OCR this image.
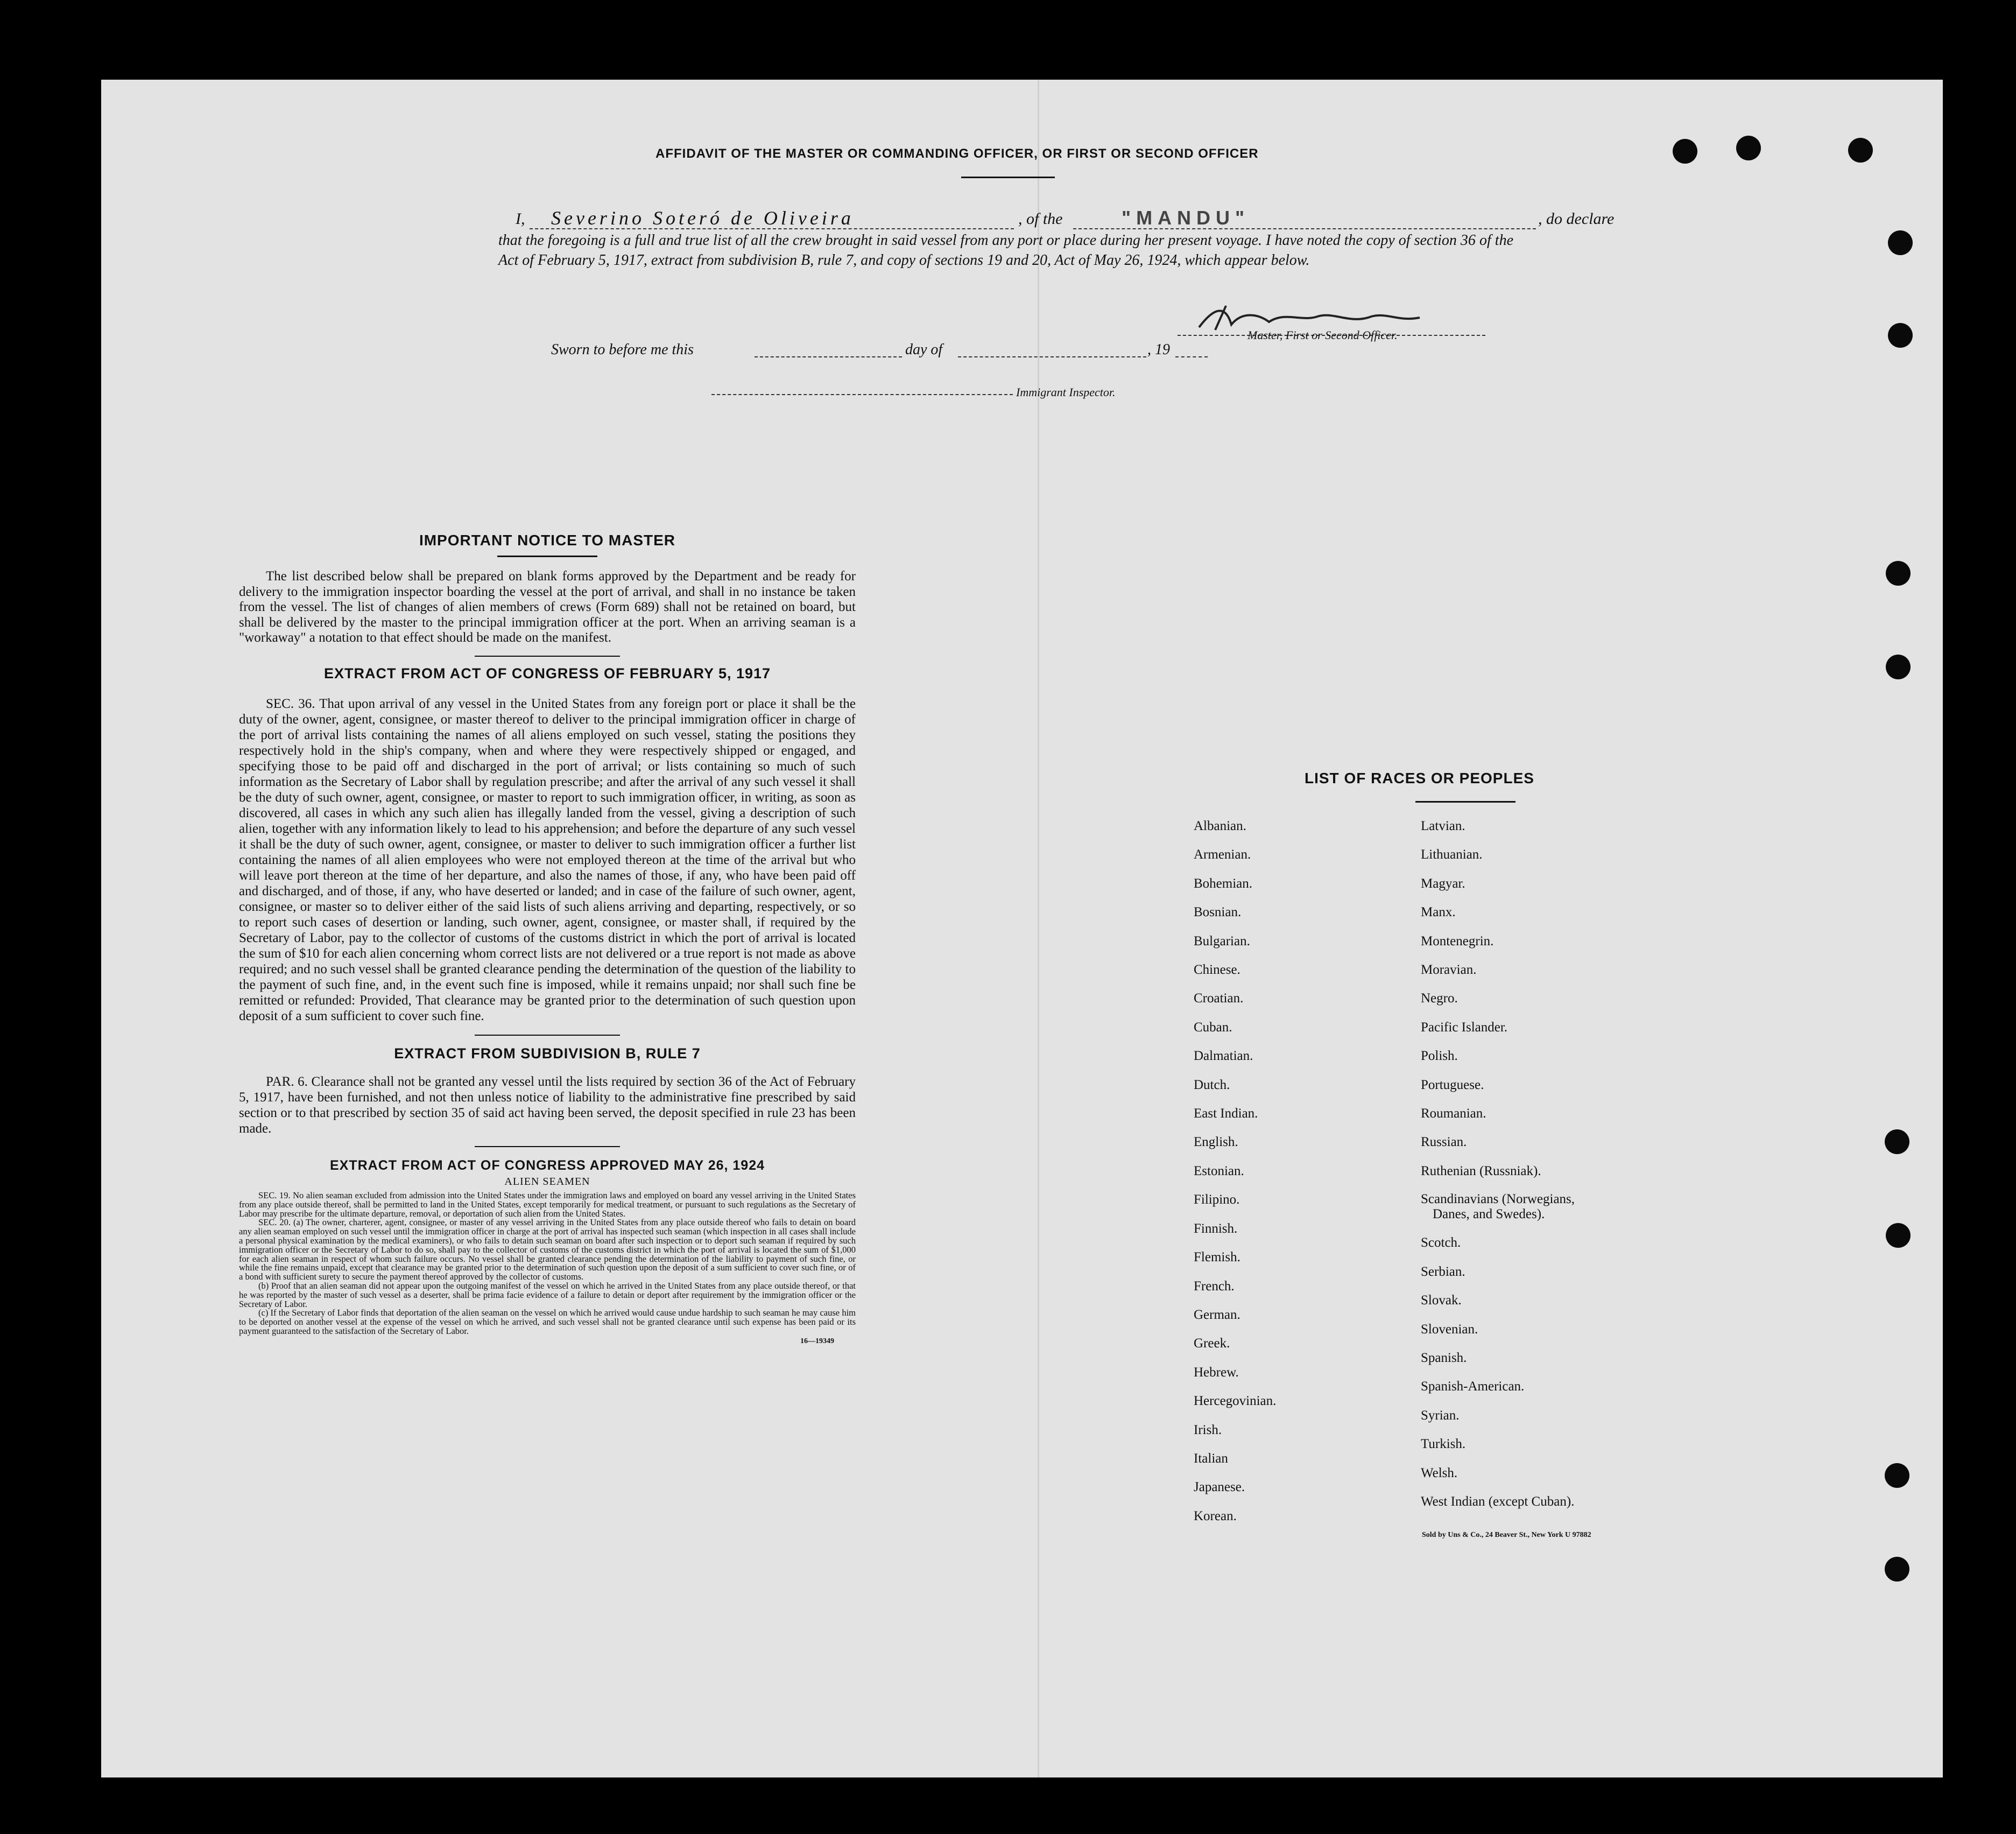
AFFIDAVIT OF THE MASTER OR COMMANDING OFFICER, OR FIRST OR SECOND OFFICER
I,	Severino Soteró de Oliveira	, of the	"MANDU"	, do declare

that the foregoing is a full and true list of all the crew brought in said vessel from any port or place during her present voyage. I have noted the copy of section 36 of the Act of February 5, 1917, extract from subdivision B, rule 7, and copy of sections 19 and 20, Act of May 26, 1924, which appear below.

Master, First or Second Officer.
Sworn to before me this	day of	, 19
Immigrant Inspector.
IMPORTANT NOTICE TO MASTER

The list described below shall be prepared on blank forms approved by the Department and be ready for delivery to the immigration inspector boarding the vessel at the port of arrival, and shall in no instance be taken from the vessel. The list of changes of alien members of crews (Form 689) shall not be retained on board, but shall be delivered by the master to the principal immigration officer at the port. When an arriving seaman is a "workaway" a notation to that effect should be made on the manifest.

EXTRACT FROM ACT OF CONGRESS OF FEBRUARY 5, 1917

SEC. 36. That upon arrival of any vessel in the United States from any foreign port or place it shall be the duty of the owner, agent, consignee, or master thereof to deliver to the principal immigration officer in charge of the port of arrival lists containing the names of all aliens employed on such vessel, stating the positions they respectively hold in the ship's company, when and where they were respectively shipped or engaged, and specifying those to be paid off and discharged in the port of arrival; or lists containing so much of such information as the Secretary of Labor shall by regulation prescribe; and after the arrival of any such vessel it shall be the duty of such owner, agent, consignee, or master to report to such immigration officer, in writing, as soon as discovered, all cases in which any such alien has illegally landed from the vessel, giving a description of such alien, together with any information likely to lead to his apprehension; and before the departure of any such vessel it shall be the duty of such owner, agent, consignee, or master to deliver to such immigration officer a further list containing the names of all alien employees who were not employed thereon at the time of the arrival but who will leave port thereon at the time of her departure, and also the names of those, if any, who have been paid off and discharged, and of those, if any, who have deserted or landed; and in case of the failure of such owner, agent, consignee, or master so to deliver either of the said lists of such aliens arriving and departing, respectively, or so to report such cases of desertion or landing, such owner, agent, consignee, or master shall, if required by the Secretary of Labor, pay to the collector of customs of the customs district in which the port of arrival is located the sum of $10 for each alien concerning whom correct lists are not delivered or a true report is not made as above required; and no such vessel shall be granted clearance pending the determination of the question of the liability to the payment of such fine, and, in the event such fine is imposed, while it remains unpaid; nor shall such fine be remitted or refunded: Provided, That clearance may be granted prior to the determination of such question upon deposit of a sum sufficient to cover such fine.

EXTRACT FROM SUBDIVISION B, RULE 7

PAR. 6. Clearance shall not be granted any vessel until the lists required by section 36 of the Act of February 5, 1917, have been furnished, and not then unless notice of liability to the administrative fine prescribed by said section or to that prescribed by section 35 of said act having been served, the deposit specified in rule 23 has been made.

EXTRACT FROM ACT OF CONGRESS APPROVED MAY 26, 1924
ALIEN SEAMEN

SEC. 19. No alien seaman excluded from admission into the United States under the immigration laws and employed on board any vessel arriving in the United States from any place outside thereof, shall be permitted to land in the United States, except temporarily for medical treatment, or pursuant to such regulations as the Secretary of Labor may prescribe for the ultimate departure, removal, or deportation of such alien from the United States.

SEC. 20. (a) The owner, charterer, agent, consignee, or master of any vessel arriving in the United States from any place outside thereof who fails to detain on board any alien seaman employed on such vessel until the immigration officer in charge at the port of arrival has inspected such seaman (which inspection in all cases shall include a personal physical examination by the medical examiners), or who fails to detain such seaman on board after such inspection or to deport such seaman if required by such immigration officer or the Secretary of Labor to do so, shall pay to the collector of customs of the customs district in which the port of arrival is located the sum of $1,000 for each alien seaman in respect of whom such failure occurs. No vessel shall be granted clearance pending the determination of the liability to payment of such fine, or while the fine remains unpaid, except that clearance may be granted prior to the determination of such question upon the deposit of a sum sufficient to cover such fine, or of a bond with sufficient surety to secure the payment thereof approved by the collector of customs.

(b) Proof that an alien seaman did not appear upon the outgoing manifest of the vessel on which he arrived in the United States from any place outside thereof, or that he was reported by the master of such vessel as a deserter, shall be prima facie evidence of a failure to detain or deport after requirement by the immigration officer or the Secretary of Labor.

(c) If the Secretary of Labor finds that deportation of the alien seaman on the vessel on which he arrived would cause undue hardship to such seaman he may cause him to be deported on another vessel at the expense of the vessel on which he arrived, and such vessel shall not be granted clearance until such expense has been paid or its payment guaranteed to the satisfaction of the Secretary of Labor.

16—19349
LIST OF RACES OR PEOPLES
Albanian.
Armenian.
Bohemian.
Bosnian.
Bulgarian.
Chinese.
Croatian.
Cuban.
Dalmatian.
Dutch.
East Indian.
English.
Estonian.
Filipino.
Finnish.
Flemish.
French.
German.
Greek.
Hebrew.
Hercegovinian.
Irish.
Italian
Japanese.
Korean.
Latvian.
Lithuanian.
Magyar.
Manx.
Montenegrin.
Moravian.
Negro.
Pacific Islander.
Polish.
Portuguese.
Roumanian.
Russian.
Ruthenian (Russniak).
Scandinavians (Norwegians,
Danes, and Swedes).
Scotch.
Serbian.
Slovak.
Slovenian.
Spanish.
Spanish-American.
Syrian.
Turkish.
Welsh.
West Indian (except Cuban).
Sold by Uns & Co., 24 Beaver St., New York U 97882
